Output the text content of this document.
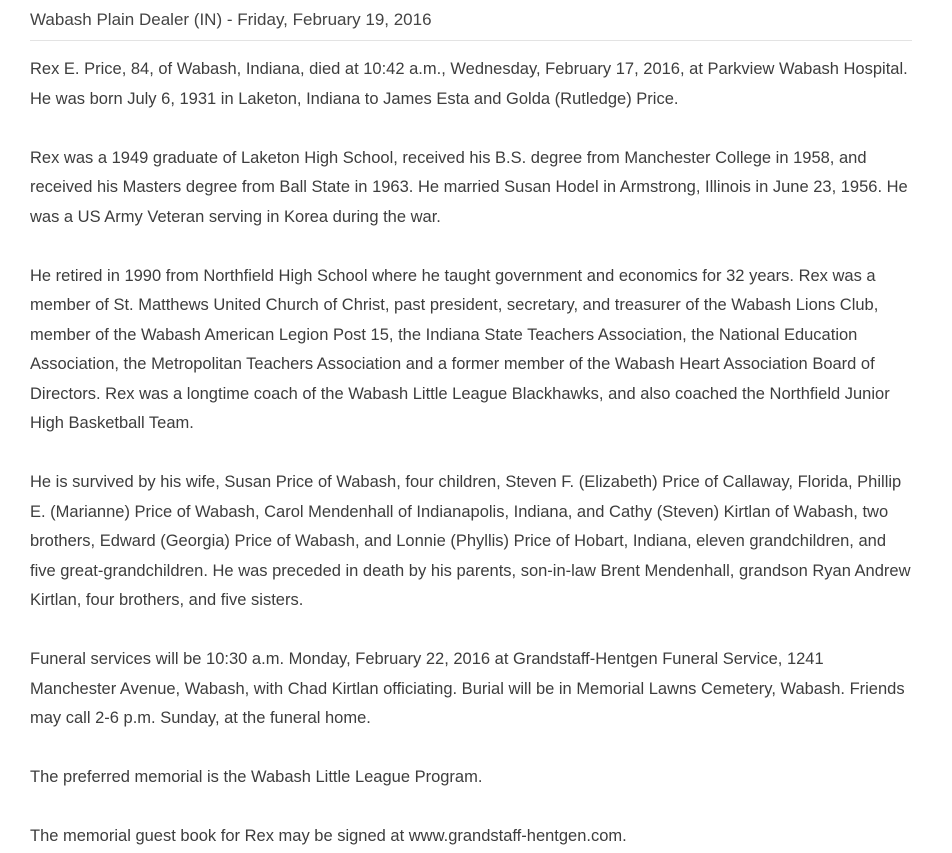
Wabash Plain Dealer (IN) - Friday, February 19, 2016

Rex E. Price, 84, of Wabash, Indiana, died at 10:42 a.m., Wednesday, February 17, 2016, at Parkview Wabash Hospital. He was born July 6, 1931 in Laketon, Indiana to James Esta and Golda (Rutledge) Price.

Rex was a 1949 graduate of Laketon High School, received his B.S. degree from Manchester College in 1958, and received his Masters degree from Ball State in 1963. He married Susan Hodel in Armstrong, Illinois in June 23, 1956. He was a US Army Veteran serving in Korea during the war.

He retired in 1990 from Northfield High School where he taught government and economics for 32 years. Rex was a member of St. Matthews United Church of Christ, past president, secretary, and treasurer of the Wabash Lions Club, member of the Wabash American Legion Post 15, the Indiana State Teachers Association, the National Education Association, the Metropolitan Teachers Association and a former member of the Wabash Heart Association Board of Directors. Rex was a longtime coach of the Wabash Little League Blackhawks, and also coached the Northfield Junior High Basketball Team.

He is survived by his wife, Susan Price of Wabash, four children, Steven F. (Elizabeth) Price of Callaway, Florida, Phillip E. (Marianne) Price of Wabash, Carol Mendenhall of Indianapolis, Indiana, and Cathy (Steven) Kirtlan of Wabash, two brothers, Edward (Georgia) Price of Wabash, and Lonnie (Phyllis) Price of Hobart, Indiana, eleven grandchildren, and five great-grandchildren. He was preceded in death by his parents, son-in-law Brent Mendenhall, grandson Ryan Andrew Kirtlan, four brothers, and five sisters.

Funeral services will be 10:30 a.m. Monday, February 22, 2016 at Grandstaff-Hentgen Funeral Service, 1241 Manchester Avenue, Wabash, with Chad Kirtlan officiating. Burial will be in Memorial Lawns Cemetery, Wabash. Friends may call 2-6 p.m. Sunday, at the funeral home.

The preferred memorial is the Wabash Little League Program.

The memorial guest book for Rex may be signed at www.grandstaff-hentgen.com.
